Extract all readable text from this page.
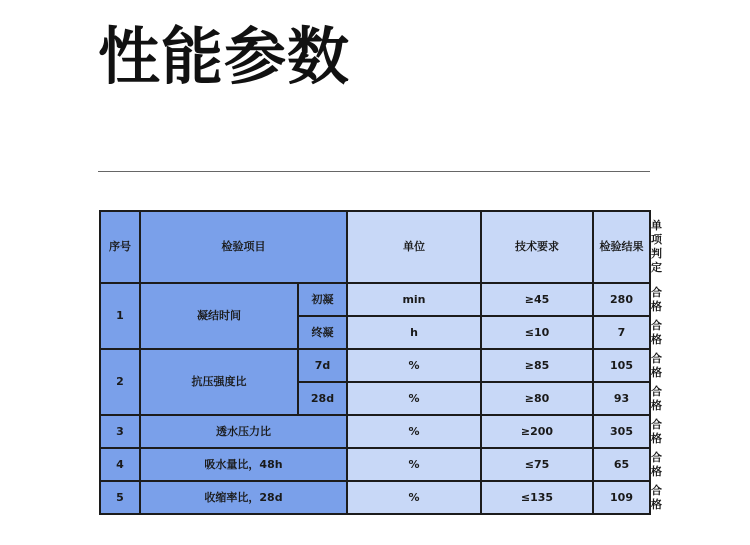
性能参数
序号	检验项目		单位	技术要求	检验结果	单项
判定

1	凝结时间	初凝	min	≥45	280	合格
		终凝	h	≤10	7	合格
2	抗压强度比	7d	%	≥85	105	合格
		28d	%	≥80	93	合格
3	透水压力比		%	≥200	305	合格
4	吸水量比，48h		%	≤75	65	合格
5	收缩率比，28d		%	≤135	109	合格
